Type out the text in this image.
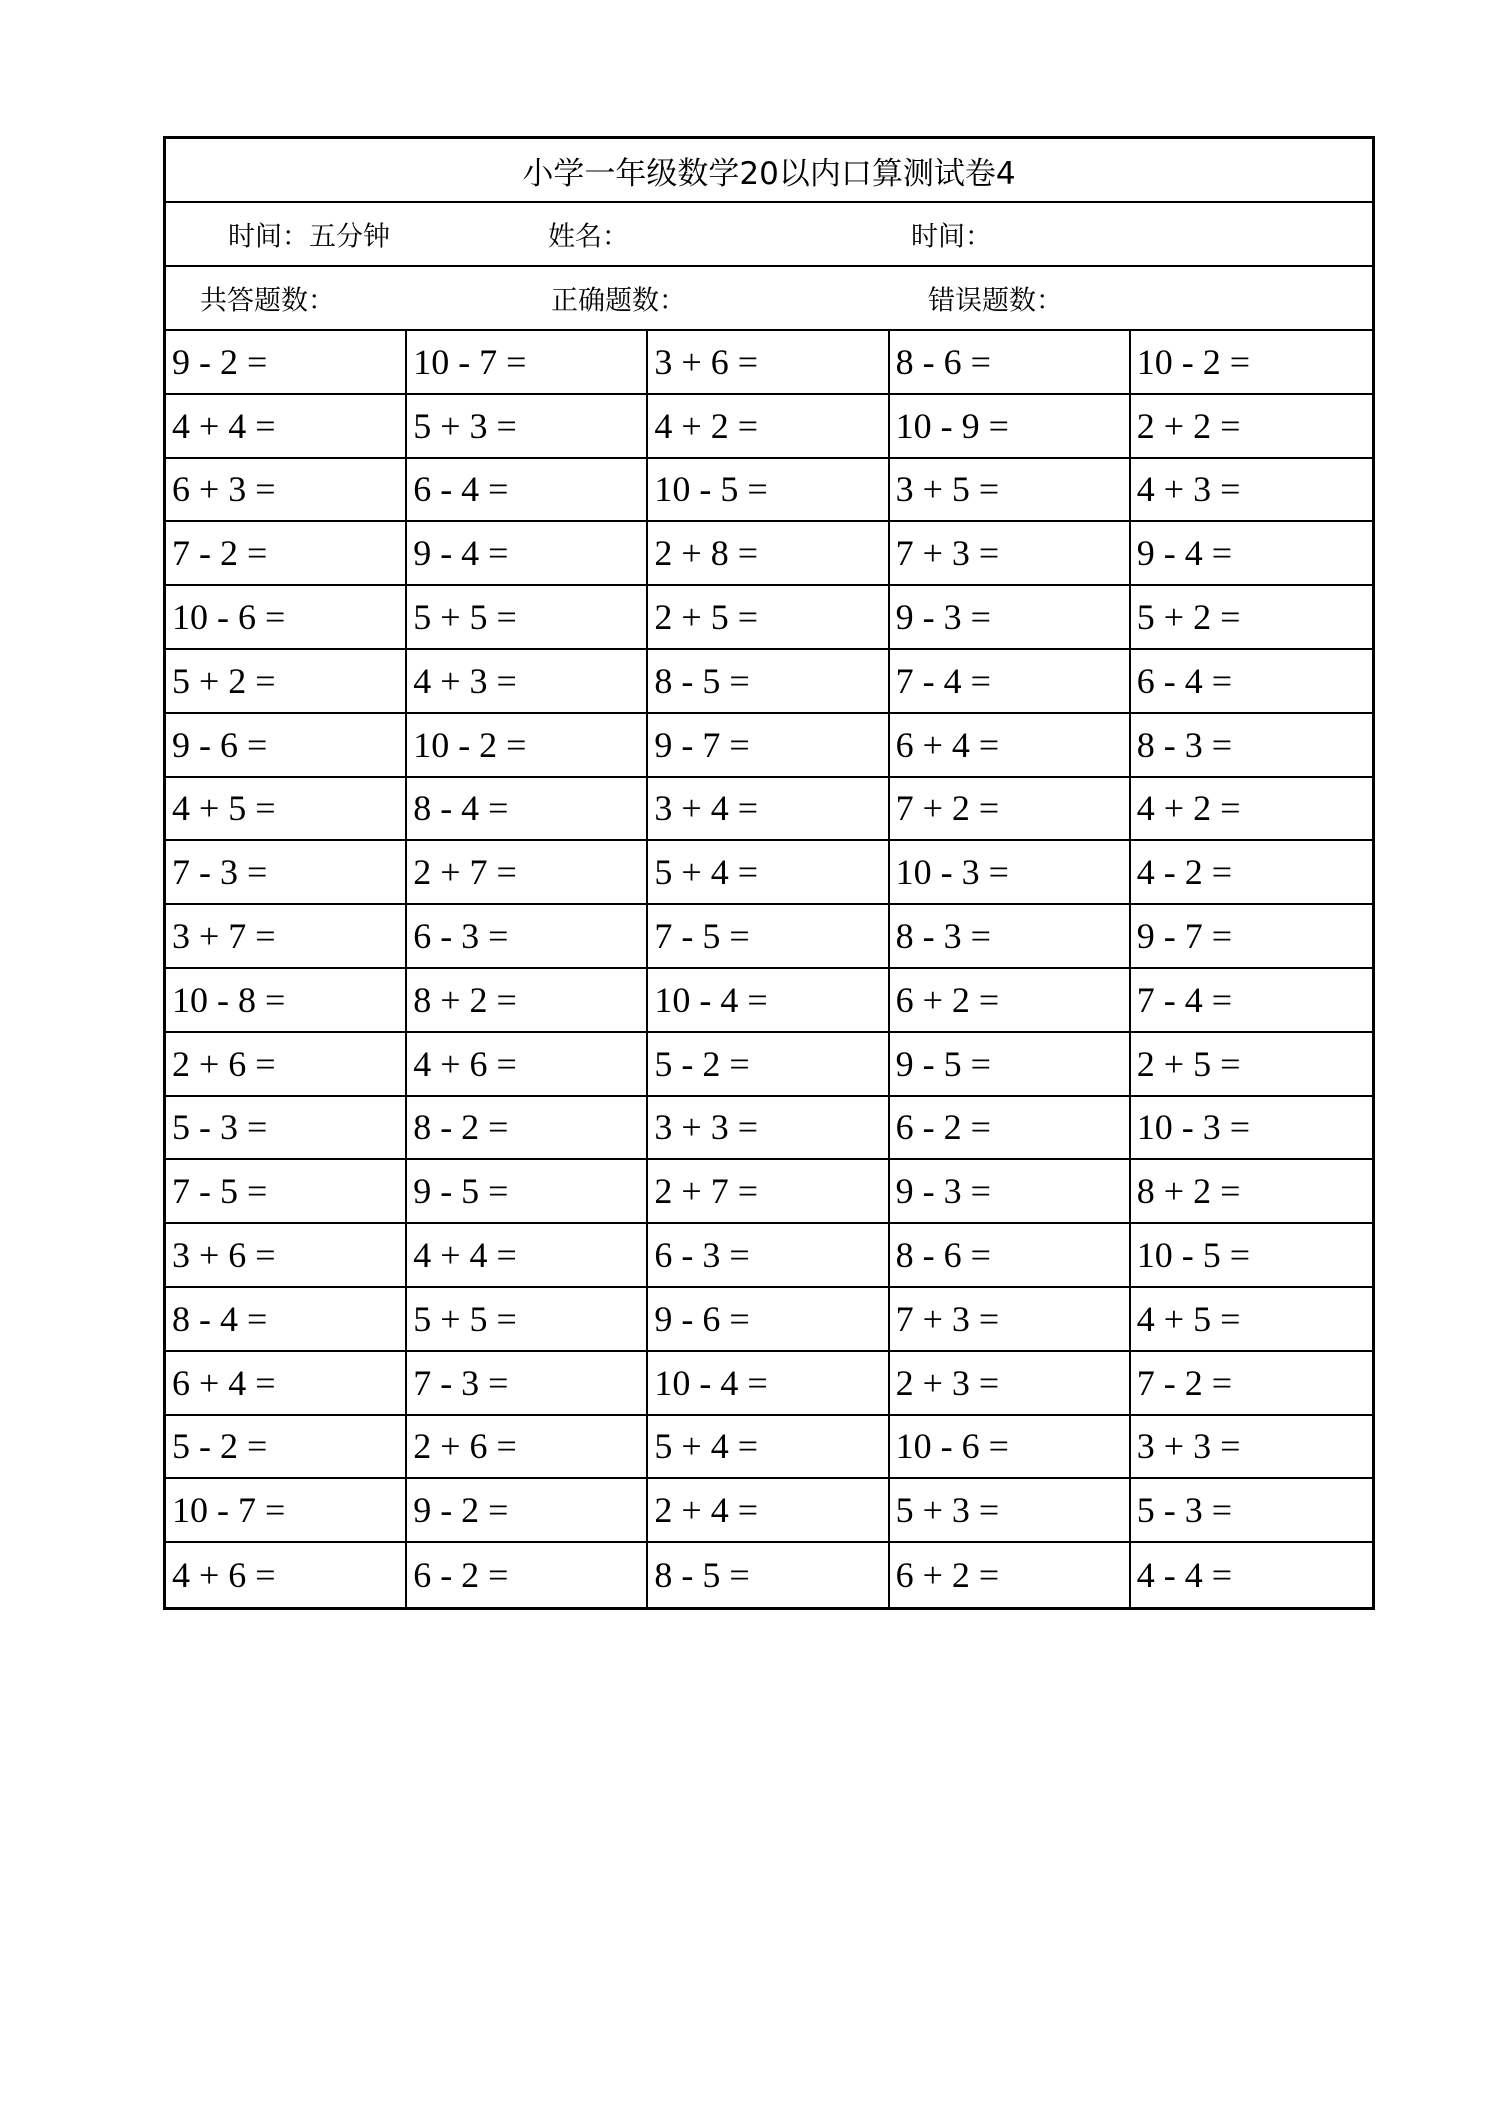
小学一年级数学20以内口算测试卷4
时间：五分钟	姓名：	时间：
共答题数：	正确题数：	错误题数：
9 - 2 =	10 - 7 =	3 + 6 =	8 - 6 =	10 - 2 =
4 + 4 =	5 + 3 =	4 + 2 =	10 - 9 =	2 + 2 =
6 + 3 =	6 - 4 =	10 - 5 =	3 + 5 =	4 + 3 =
7 - 2 =	9 - 4 =	2 + 8 =	7 + 3 =	9 - 4 =
10 - 6 =	5 + 5 =	2 + 5 =	9 - 3 =	5 + 2 =
5 + 2 =	4 + 3 =	8 - 5 =	7 - 4 =	6 - 4 =
9 - 6 =	10 - 2 =	9 - 7 =	6 + 4 =	8 - 3 =
4 + 5 =	8 - 4 =	3 + 4 =	7 + 2 =	4 + 2 =
7 - 3 =	2 + 7 =	5 + 4 =	10 - 3 =	4 - 2 =
3 + 7 =	6 - 3 =	7 - 5 =	8 - 3 =	9 - 7 =
10 - 8 =	8 + 2 =	10 - 4 =	6 + 2 =	7 - 4 =
2 + 6 =	4 + 6 =	5 - 2 =	9 - 5 =	2 + 5 =
5 - 3 =	8 - 2 =	3 + 3 =	6 - 2 =	10 - 3 =
7 - 5 =	9 - 5 =	2 + 7 =	9 - 3 =	8 + 2 =
3 + 6 =	4 + 4 =	6 - 3 =	8 - 6 =	10 - 5 =
8 - 4 =	5 + 5 =	9 - 6 =	7 + 3 =	4 + 5 =
6 + 4 =	7 - 3 =	10 - 4 =	2 + 3 =	7 - 2 =
5 - 2 =	2 + 6 =	5 + 4 =	10 - 6 =	3 + 3 =
10 - 7 =	9 - 2 =	2 + 4 =	5 + 3 =	5 - 3 =
4 + 6 =	6 - 2 =	8 - 5 =	6 + 2 =	4 - 4 =
